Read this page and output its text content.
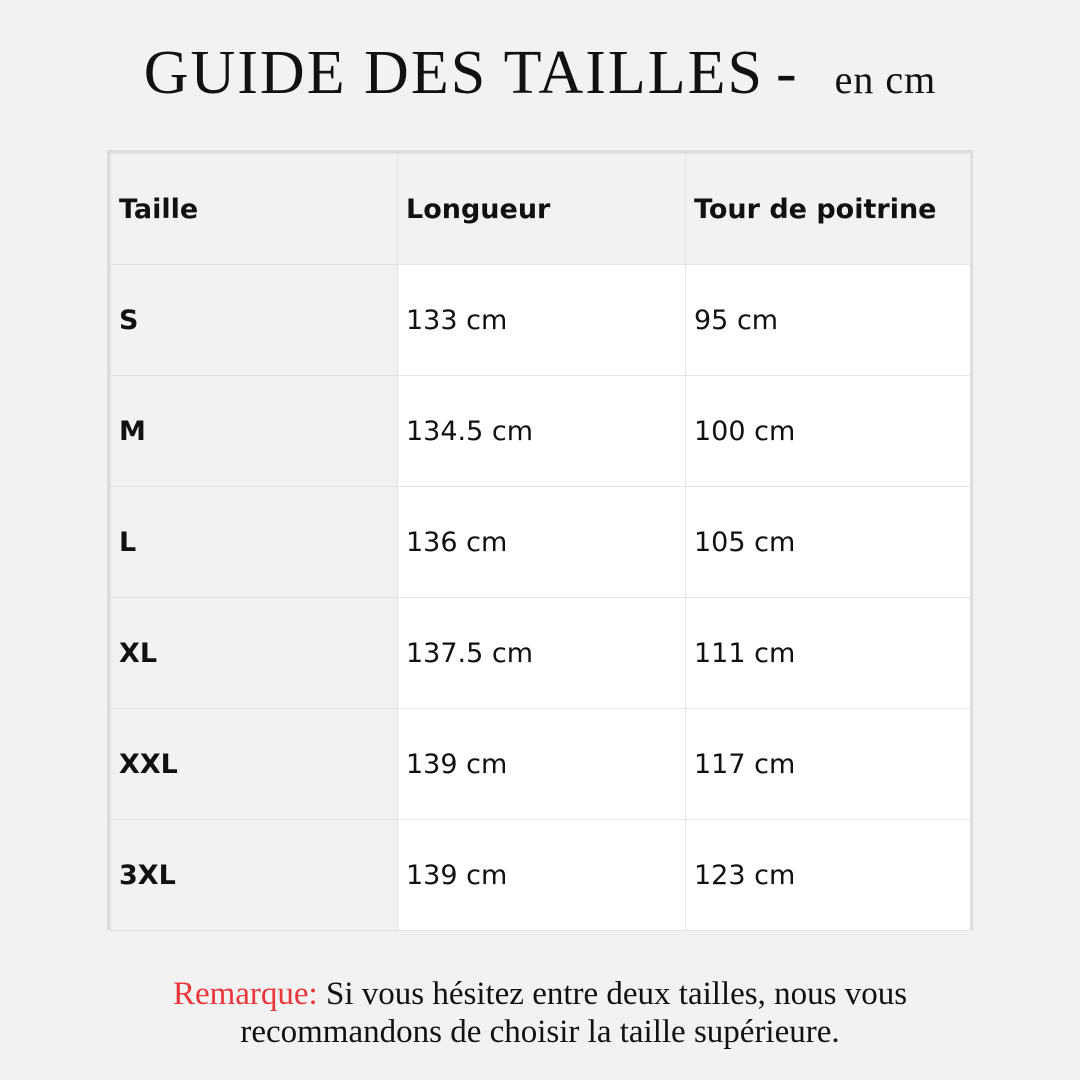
GUIDE DES TAILLES - en cm
Taille	Longueur	Tour de poitrine
S	133 cm	95 cm
M	134.5 cm	100 cm
L	136 cm	105 cm
XL	137.5 cm	111 cm
XXL	139 cm	117 cm
3XL	139 cm	123 cm
Remarque: Si vous hésitez entre deux tailles, nous vous
recommandons de choisir la taille supérieure.
